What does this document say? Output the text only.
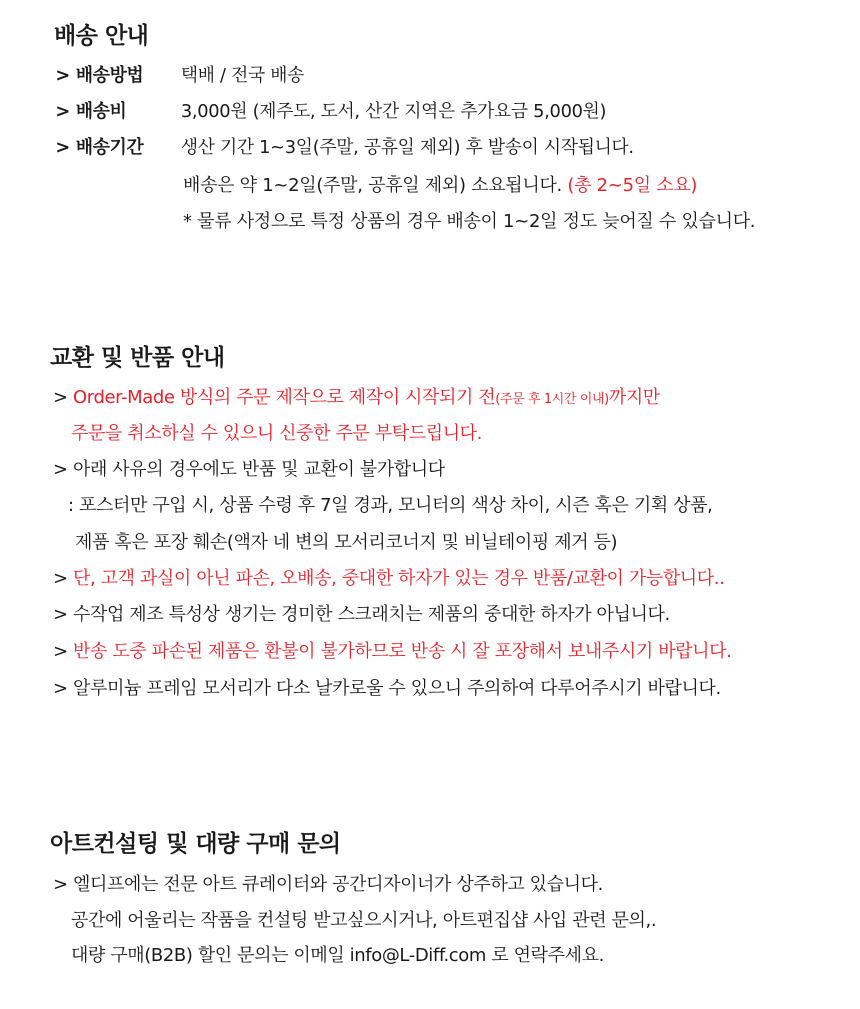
배송 안내
> 배송방법 택배 / 전국 배송
> 배송비	3,000원 (제주도, 도서, 산간 지역은 추가요금 5,000원)
> 배송기간 생산 기간 1~3일(주말, 공휴일 제외) 후 발송이 시작됩니다.
배송은 약 1~2일(주말, 공휴일 제외) 소요됩니다. (총 2~5일 소요)
* 물류 사정으로 특정 상품의 경우 배송이 1~2일 정도 늦어질 수 있습니다.
교환 및 반품 안내
> Order-Made 방식의 주문 제작으로 제작이 시작되기 전(주문 후 1시간 이내)까지만
주문을 취소하실 수 있으니 신중한 주문 부탁드립니다.
> 아래 사유의 경우에도 반품 및 교환이 불가합니다
: 포스터만 구입 시, 상품 수령 후 7일 경과, 모니터의 색상 차이, 시즌 혹은 기획 상품,
제품 혹은 포장 훼손(액자 네 변의 모서리코너지 및 비닐테이핑 제거 등)
> 단, 고객 과실이 아닌 파손, 오배송, 중대한 하자가 있는 경우 반품/교환이 가능합니다..
> 수작업 제조 특성상 생기는 경미한 스크래치는 제품의 중대한 하자가 아닙니다.
> 반송 도중 파손된 제품은 환불이 불가하므로 반송 시 잘 포장해서 보내주시기 바랍니다.
> 알루미늄 프레임 모서리가 다소 날카로울 수 있으니 주의하여 다루어주시기 바랍니다.
아트컨설팅 및 대량 구매 문의
> 엘디프에는 전문 아트 큐레이터와 공간디자이너가 상주하고 있습니다.
공간에 어울리는 작품을 컨설팅 받고싶으시거나, 아트편집샵 사입 관련 문의,.
대량 구매(B2B) 할인 문의는 이메일 info@L-Diff.com 로 연락주세요.
